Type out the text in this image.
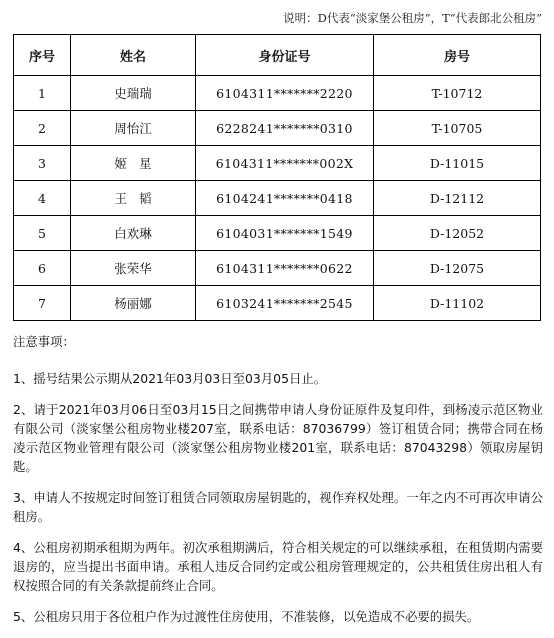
说明：D代表“淡家堡公租房”，T“代表郎北公租房”
序号	姓名	身份证号	房号
1	史瑞瑞	6104311*******2220	T-10712
2	周怡江	6228241*******0310	T-10705
3	姬星	6104311*******002X	D-11015
4	王韬	6104241*******0418	D-12112
5	白欢琳	6104031*******1549	D-12052
6	张荣华	6104311*******0622	D-12075
7	杨丽娜	6103241*******2545	D-11102
注意事项：

1、摇号结果公示期从2021年03月03日至03月05日止。

2、请于2021年03月06日至03月15日之间携带申请人身份证原件及复印件，到杨凌示范区物业有限公司（淡家堡公租房物业楼207室，联系电话：87036799）签订租赁合同；携带合同在杨凌示范区物业管理有限公司（淡家堡公租房物业楼201室，联系电话：87043298）领取房屋钥匙。

3、申请人不按规定时间签订租赁合同领取房屋钥匙的，视作弃权处理。一年之内不可再次申请公租房。

4、公租房初期承租期为两年。初次承租期满后，符合相关规定的可以继续承租，在租赁期内需要退房的，应当提出书面申请。承租人违反合同约定或公租房管理规定的，公共租赁住房出租人有权按照合同的有关条款提前终止合同。

5、公租房只用于各位租户作为过渡性住房使用，不准装修，以免造成不必要的损失。
